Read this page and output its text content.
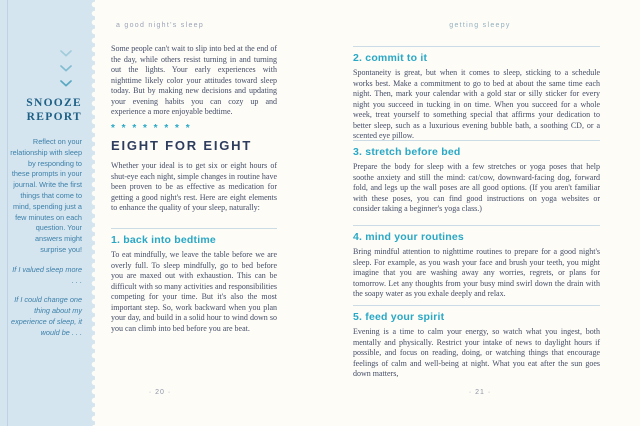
SNOOZE
REPORT

Reflect on your relationship with sleep by responding to these prompts in your journal. Write the first things that come to mind, spending just a few minutes on each question. Your answers might surprise you!

If I valued sleep more . . .

If I could change one thing about my experience of sleep, it would be . . .

a good night's sleep

Some people can't wait to slip into bed at the end of the day, while others resist turning in and turning out the lights. Your early experiences with nighttime likely color your attitudes toward sleep today. But by making new decisions and updating your evening habits you can cozy up and experience a more enjoyable bedtime.

* * * * * * * *
EIGHT FOR EIGHT

Whether your ideal is to get six or eight hours of shut-eye each night, simple changes in routine have been proven to be as effective as medication for getting a good night's rest. Here are eight elements to enhance the quality of your sleep, naturally:

1. back into bedtime

To eat mindfully, we leave the table before we are overly full. To sleep mindfully, go to bed before you are maxed out with exhaustion. This can be difficult with so many activities and responsibilities competing for your time. But it's also the most important step. So, work backward when you plan your day, and build in a solid hour to wind down so you can climb into bed before you are beat.

· 20 ·
getting sleepy
2. commit to it

Spontaneity is great, but when it comes to sleep, sticking to a schedule works best. Make a commitment to go to bed at about the same time each night. Then, mark your calendar with a gold star or silly sticker for every night you succeed in tucking in on time. When you succeed for a whole week, treat yourself to something special that affirms your dedication to better sleep, such as a luxurious evening bubble bath, a soothing CD, or a scented eye pillow.

3. stretch before bed

Prepare the body for sleep with a few stretches or yoga poses that help soothe anxiety and still the mind: cat/cow, downward-facing dog, forward fold, and legs up the wall poses are all good options. (If you aren't familiar with these poses, you can find good instructions on yoga websites or consider taking a beginner's yoga class.)

4. mind your routines

Bring mindful attention to nighttime routines to prepare for a good night's sleep. For example, as you wash your face and brush your teeth, you might imagine that you are washing away any worries, regrets, or plans for tomorrow. Let any thoughts from your busy mind swirl down the drain with the soapy water as you exhale deeply and relax.

5. feed your spirit

Evening is a time to calm your energy, so watch what you ingest, both mentally and physically. Restrict your intake of news to daylight hours if possible, and focus on reading, doing, or watching things that encourage feelings of calm and well-being at night. What you eat after the sun goes down matters,

· 21 ·
